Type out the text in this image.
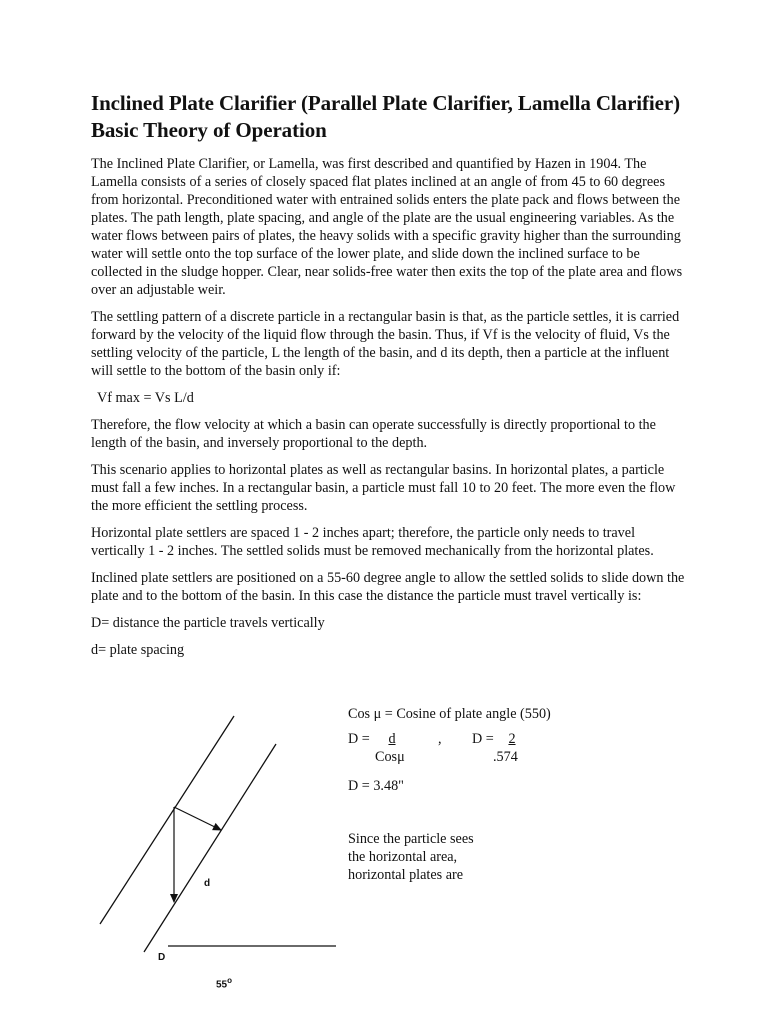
Inclined Plate Clarifier (Parallel Plate Clarifier, Lamella Clarifier) Basic Theory of Operation

The Inclined Plate Clarifier, or Lamella, was first described and quantified by Hazen in 1904. The Lamella consists of a series of closely spaced flat plates inclined at an angle of from 45 to 60 degrees from horizontal. Preconditioned water with entrained solids enters the plate pack and flows between the plates. The path length, plate spacing, and angle of the plate are the usual engineering variables. As the water flows between pairs of plates, the heavy solids with a specific gravity higher than the surrounding water will settle onto the top surface of the lower plate, and slide down the inclined surface to be collected in the sludge hopper. Clear, near solids-free water then exits the top of the plate area and flows over an adjustable weir.

The settling pattern of a discrete particle in a rectangular basin is that, as the particle settles, it is carried forward by the velocity of the liquid flow through the basin. Thus, if Vf is the velocity of fluid, Vs the settling velocity of the particle, L the length of the basin, and d its depth, then a particle at the influent will settle to the bottom of the basin only if:

Vf max = Vs L/d

Therefore, the flow velocity at which a basin can operate successfully is directly proportional to the length of the basin, and inversely proportional to the depth.

This scenario applies to horizontal plates as well as rectangular basins. In horizontal plates, a particle must fall a few inches. In a rectangular basin, a particle must fall 10 to 20 feet. The more even the flow the more efficient the settling process.

Horizontal plate settlers are spaced 1 - 2 inches apart; therefore, the particle only needs to travel vertically 1 - 2 inches. The settled solids must be removed mechanically from the horizontal plates.

Inclined plate settlers are positioned on a 55-60 degree angle to allow the settled solids to slide down the plate and to the bottom of the basin. In this case the distance the particle must travel vertically is:

D= distance the particle travels vertically

d= plate spacing

d
D
55$^o$
Cos μ = Cosine of plate angle (550)
D =	d
Cosμ
, D =	2
.574
D = 3.48"
Since the particle sees
the horizontal area,
horizontal plates are
